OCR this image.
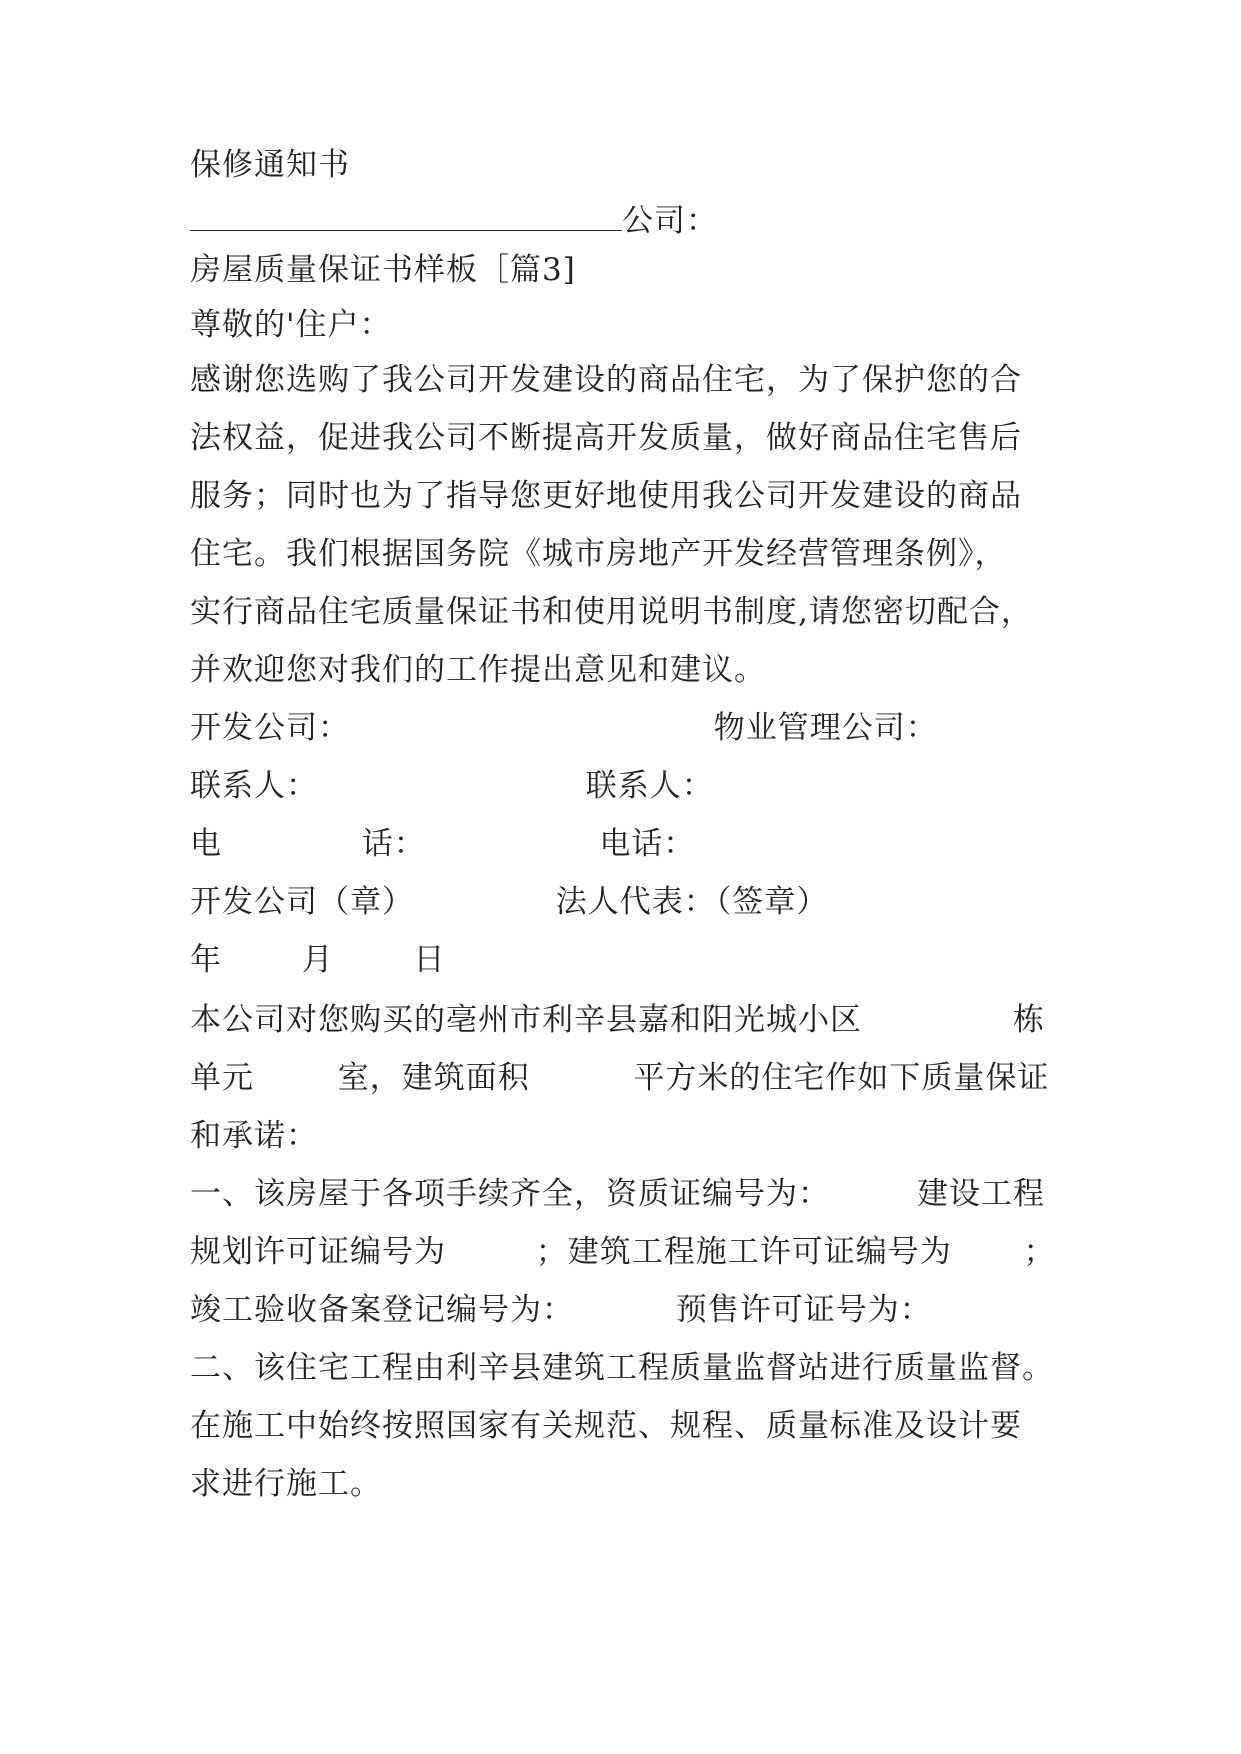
保修通知书
公司：
房屋质量保证书样板［篇3]
尊敬的'住户：
感谢您选购了我公司开发建设的商品住宅，为了保护您的合
法权益，促进我公司不断提高开发质量，做好商品住宅售后
服务；同时也为了指导您更好地使用我公司开发建设的商品
住宅。我们根据国务院《城市房地产开发经营管理条例》，
实行商品住宅质量保证书和使用说明书制度,请您密切配合，
并欢迎您对我们的工作提出意见和建议。
开发公司：	物业管理公司：
联系人：	联系人：
电	话：	电话：
开发公司（章）	法人代表：（签章）
年	月	日
本公司对您购买的亳州市利辛县嘉和阳光城小区	栋
单元	室，建筑面积	平方米的住宅作如下质量保证
和承诺：
一、该房屋于各项手续齐全，资质证编号为：	建设工程
规划许可证编号为	；建筑工程施工许可证编号为 ；
竣工验收备案登记编号为：	预售许可证号为：
二、该住宅工程由利辛县建筑工程质量监督站进行质量监督。
在施工中始终按照国家有关规范、规程、质量标准及设计要
求进行施工。
